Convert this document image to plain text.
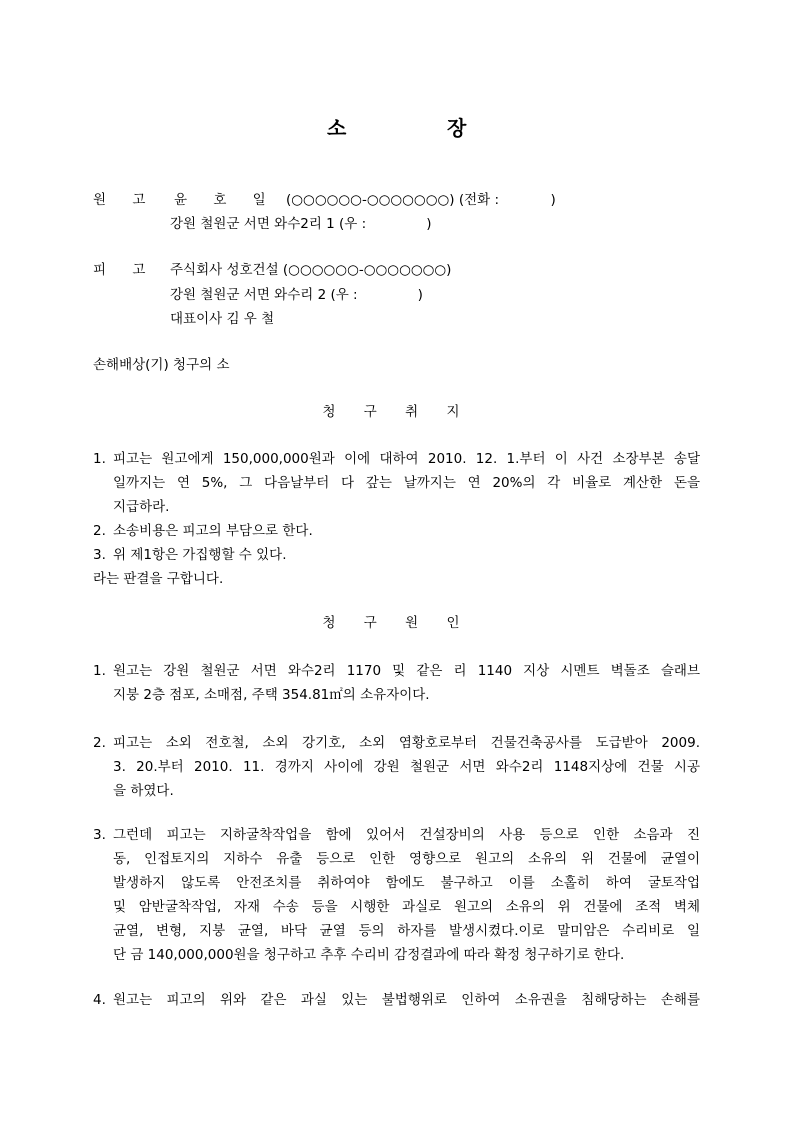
소	장
원 고 윤 호 일 (○○○○○○-○○○○○○○) (전화 :            )
강원 철원군 서면 와수2리 1 (우 :              )
피 고 주식회사 성호건설 (○○○○○○-○○○○○○○)
강원 철원군 서면 와수리 2 (우 :              )
대표이사 김 우 철
손해배상(기) 청구의 소
청 구 취 지
1. 피고는 원고에게 150,000,000원과 이에 대하여 2010. 12. 1.부터 이 사건 소장부본 송달
일까지는 연 5%, 그 다음날부터 다 갚는 날까지는 연 20%의 각 비율로 계산한 돈을
지급하라.
2. 소송비용은 피고의 부담으로 한다.
3. 위 제1항은 가집행할 수 있다.
라는 판결을 구합니다.
청 구 원 인
1. 원고는 강원 철원군 서면 와수2리 1170 및 같은 리 1140 지상 시멘트 벽돌조 슬래브
지붕 2층 점포, 소매점, 주택 354.81㎡의 소유자이다.
2. 피고는 소외 전호철, 소외 강기호, 소외 염황호로부터 건물건축공사를 도급받아 2009.
3. 20.부터 2010. 11. 경까지 사이에 강원 철원군 서면 와수2리 1148지상에 건물 시공
을 하였다.
3. 그런데 피고는 지하굴착작업을 함에 있어서 건설장비의 사용 등으로 인한 소음과 진
동, 인접토지의 지하수 유출 등으로 인한 영향으로 원고의 소유의 위 건물에 균열이
발생하지 않도록 안전조치를 취하여야 함에도 불구하고 이를 소홀히 하여 굴토작업
및 암반굴착작업, 자재 수송 등을 시행한 과실로 원고의 소유의 위 건물에 조적 벽체
균열, 변형, 지붕 균열, 바닥 균열 등의 하자를 발생시켰다.이로 말미암은 수리비로 일
단 금 140,000,000원을 청구하고 추후 수리비 감정결과에 따라 확정 청구하기로 한다.
4. 원고는 피고의 위와 같은 과실 있는 불법행위로 인하여 소유권을 침해당하는 손해를
